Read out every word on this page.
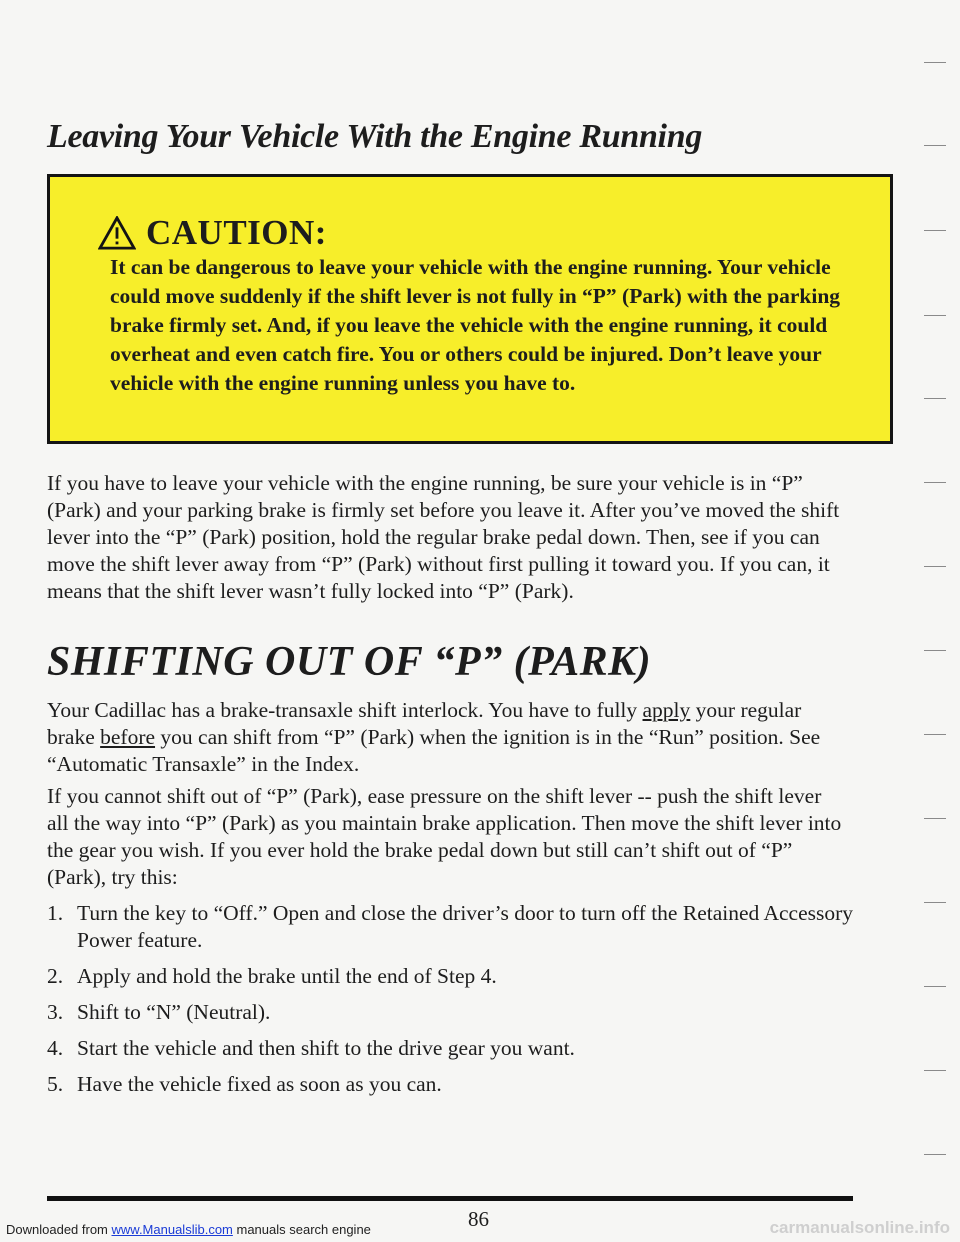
Leaving Your Vehicle With the Engine Running
CAUTION:

It can be dangerous to leave your vehicle with the engine running. Your vehicle could move suddenly if the shift lever is not fully in “P” (Park) with the parking brake firmly set. And, if you leave the vehicle with the engine running, it could overheat and even catch fire. You or others could be injured. Don’t leave your vehicle with the engine running unless you have to.

If you have to leave your vehicle with the engine running, be sure your vehicle is in “P” (Park) and your parking brake is firmly set before you leave it. After you’ve moved the shift lever into the “P” (Park) position, hold the regular brake pedal down. Then, see if you can move the shift lever away from “P” (Park) without first pulling it toward you. If you can, it means that the shift lever wasn’t fully locked into “P” (Park).

SHIFTING OUT OF “P” (PARK)

Your Cadillac has a brake-transaxle shift interlock. You have to fully apply your regular brake before you can shift from “P” (Park) when the ignition is in the “Run” position. See “Automatic Transaxle” in the Index.

If you cannot shift out of “P” (Park), ease pressure on the shift lever -- push the shift lever all the way into “P” (Park) as you maintain brake application. Then move the shift lever into the gear you wish. If you ever hold the brake pedal down but still can’t shift out of “P” (Park), try this:

1. Turn the key to “Off.” Open and close the driver’s door to turn off the Retained Accessory Power feature.
2. Apply and hold the brake until the end of Step 4.
3. Shift to “N” (Neutral).
4. Start the vehicle and then shift to the drive gear you want.
5. Have the vehicle fixed as soon as you can.
86
Downloaded from www.Manualslib.com manuals search engine	carmanualsonline.info
